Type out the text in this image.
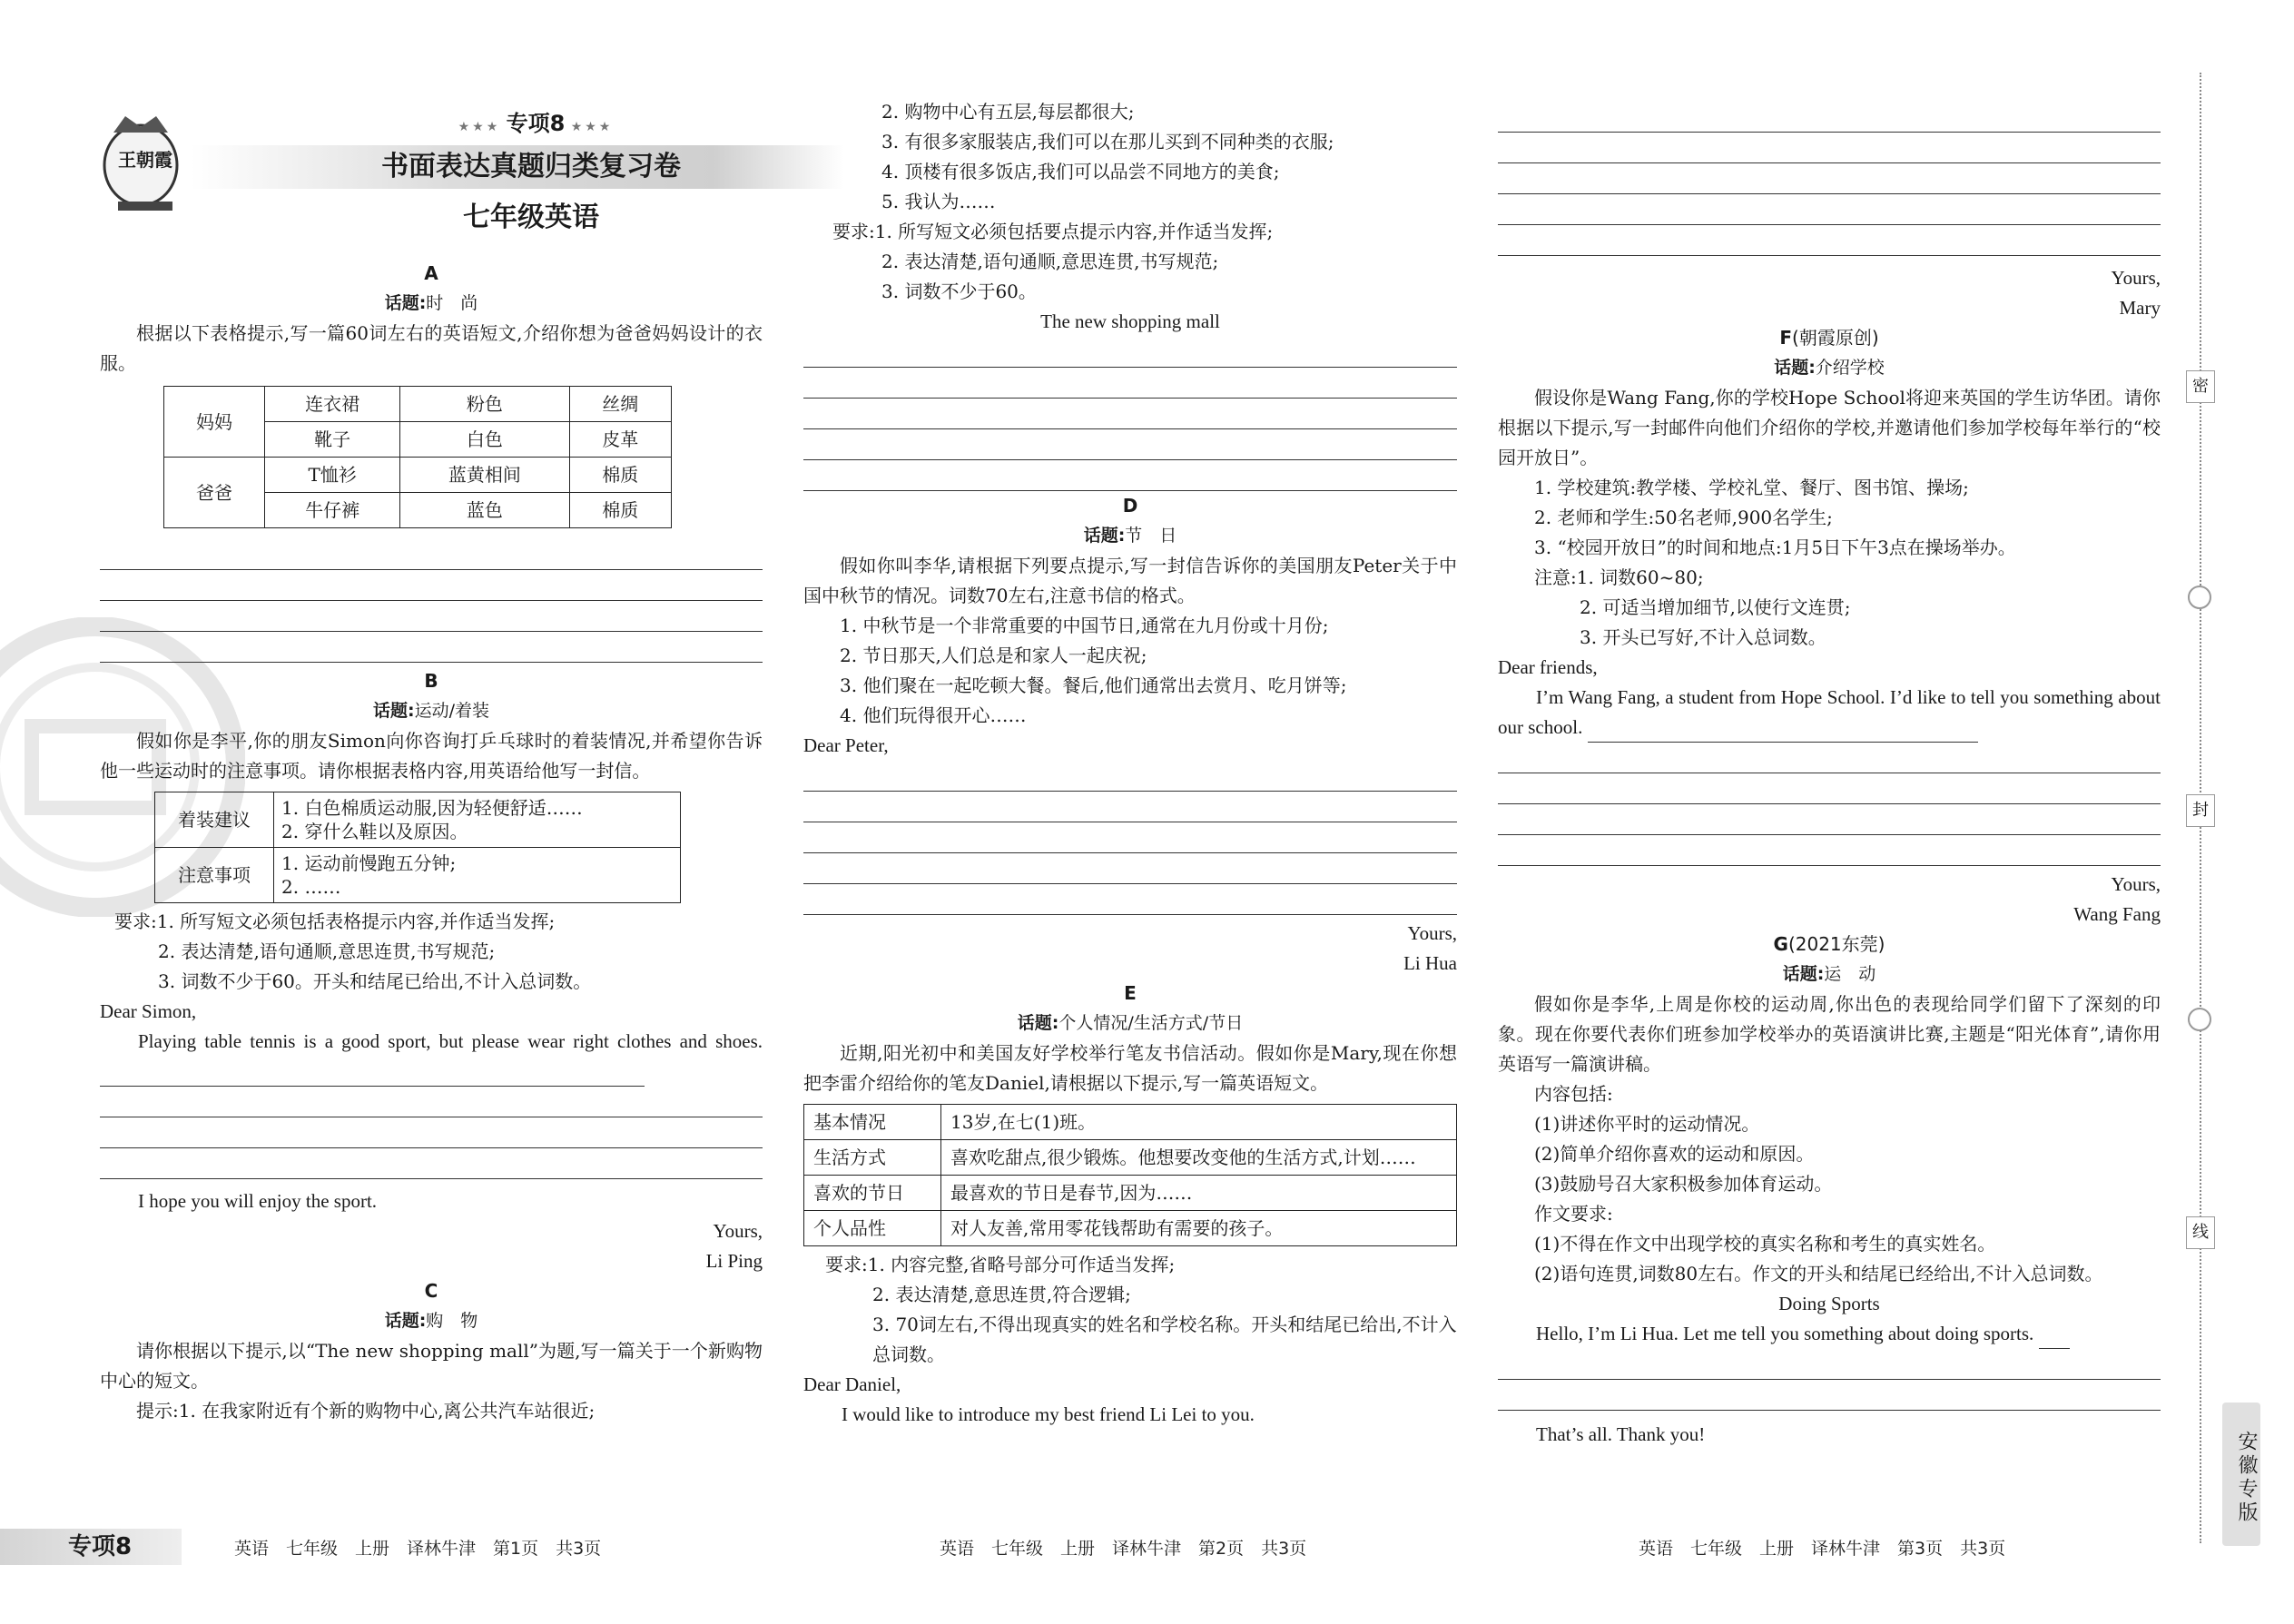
王朝霞
★★★ 专项8 ★★★
书面表达真题归类复习卷
七年级英语
A
话题:时　尚

根据以下表格提示,写一篇60词左右的英语短文,介绍你想为爸爸妈妈设计的衣服。

妈妈	连衣裙	粉色	丝绸
	靴子	白色	皮革
爸爸	T恤衫	蓝黄相间	棉质
	牛仔裤	蓝色	棉质
B
话题:运动/着装

假如你是李平,你的朋友Simon向你咨询打乒乓球时的着装情况,并希望你告诉他一些运动时的注意事项。请你根据表格内容,用英语给他写一封信。

着装建议	1. 白色棉质运动服,因为轻便舒适……
2. 穿什么鞋以及原因。

注意事项	1. 运动前慢跑五分钟;
2. ……

要求:1. 所写短文必须包括表格提示内容,并作适当发挥;

2. 表达清楚,语句通顺,意思连贯,书写规范;

3. 词数不少于60。开头和结尾已给出,不计入总词数。

Dear Simon,

Playing table tennis is a good sport, but please wear right clothes and shoes.

I hope you will enjoy the sport.

Yours,

Li Ping

C
话题:购　物

请你根据以下提示,以“The new shopping mall”为题,写一篇关于一个新购物中心的短文。

提示:1. 在我家附近有个新的购物中心,离公共汽车站很近;

专项8	英语　七年级　上册　译林牛津　第1页　共3页

2. 购物中心有五层,每层都很大;

3. 有很多家服装店,我们可以在那儿买到不同种类的衣服;

4. 顶楼有很多饭店,我们可以品尝不同地方的美食;

5. 我认为……

要求:1. 所写短文必须包括要点提示内容,并作适当发挥;

2. 表达清楚,语句通顺,意思连贯,书写规范;

3. 词数不少于60。

The new shopping mall

D
话题:节　日

假如你叫李华,请根据下列要点提示,写一封信告诉你的美国朋友Peter关于中国中秋节的情况。词数70左右,注意书信的格式。

1. 中秋节是一个非常重要的中国节日,通常在九月份或十月份;

2. 节日那天,人们总是和家人一起庆祝;

3. 他们聚在一起吃顿大餐。餐后,他们通常出去赏月、吃月饼等;

4. 他们玩得很开心……

Dear Peter,

Yours,

Li Hua

E
话题:个人情况/生活方式/节日

近期,阳光初中和美国友好学校举行笔友书信活动。假如你是Mary,现在你想把李雷介绍给你的笔友Daniel,请根据以下提示,写一篇英语短文。

基本情况	13岁,在七(1)班。
生活方式	喜欢吃甜点,很少锻炼。他想要改变他的生活方式,计划……
喜欢的节日	最喜欢的节日是春节,因为……
个人品性	对人友善,常用零花钱帮助有需要的孩子。

要求:1. 内容完整,省略号部分可作适当发挥;

2. 表达清楚,意思连贯,符合逻辑;

3. 70词左右,不得出现真实的姓名和学校名称。开头和结尾已给出,不计入总词数。

Dear Daniel,

I would like to introduce my best friend Li Lei to you.

英语　七年级　上册　译林牛津　第2页　共3页

Yours,

Mary

F(朝霞原创)
话题:介绍学校

假设你是Wang Fang,你的学校Hope School将迎来英国的学生访华团。请你根据以下提示,写一封邮件向他们介绍你的学校,并邀请他们参加学校每年举行的“校园开放日”。

1. 学校建筑:教学楼、学校礼堂、餐厅、图书馆、操场;

2. 老师和学生:50名老师,900名学生;

3. “校园开放日”的时间和地点:1月5日下午3点在操场举办。

注意:1. 词数60~80;

2. 可适当增加细节,以使行文连贯;

3. 开头已写好,不计入总词数。

Dear friends,

I’m Wang Fang, a student from Hope School. I’d like to tell you something about our school.

Yours,

Wang Fang

G(2021东莞)
话题:运　动

假如你是李华,上周是你校的运动周,你出色的表现给同学们留下了深刻的印象。现在你要代表你们班参加学校举办的英语演讲比赛,主题是“阳光体育”,请你用英语写一篇演讲稿。

内容包括:

(1)讲述你平时的运动情况。

(2)简单介绍你喜欢的运动和原因。

(3)鼓励号召大家积极参加体育运动。

作文要求:

(1)不得在作文中出现学校的真实名称和考生的真实姓名。

(2)语句连贯,词数80左右。作文的开头和结尾已经给出,不计入总词数。

Doing Sports

Hello, I’m Li Hua. Let me tell you something about doing sports.

That’s all. Thank you!

英语　七年级　上册　译林牛津　第3页　共3页
密
封
线
安徽专版
